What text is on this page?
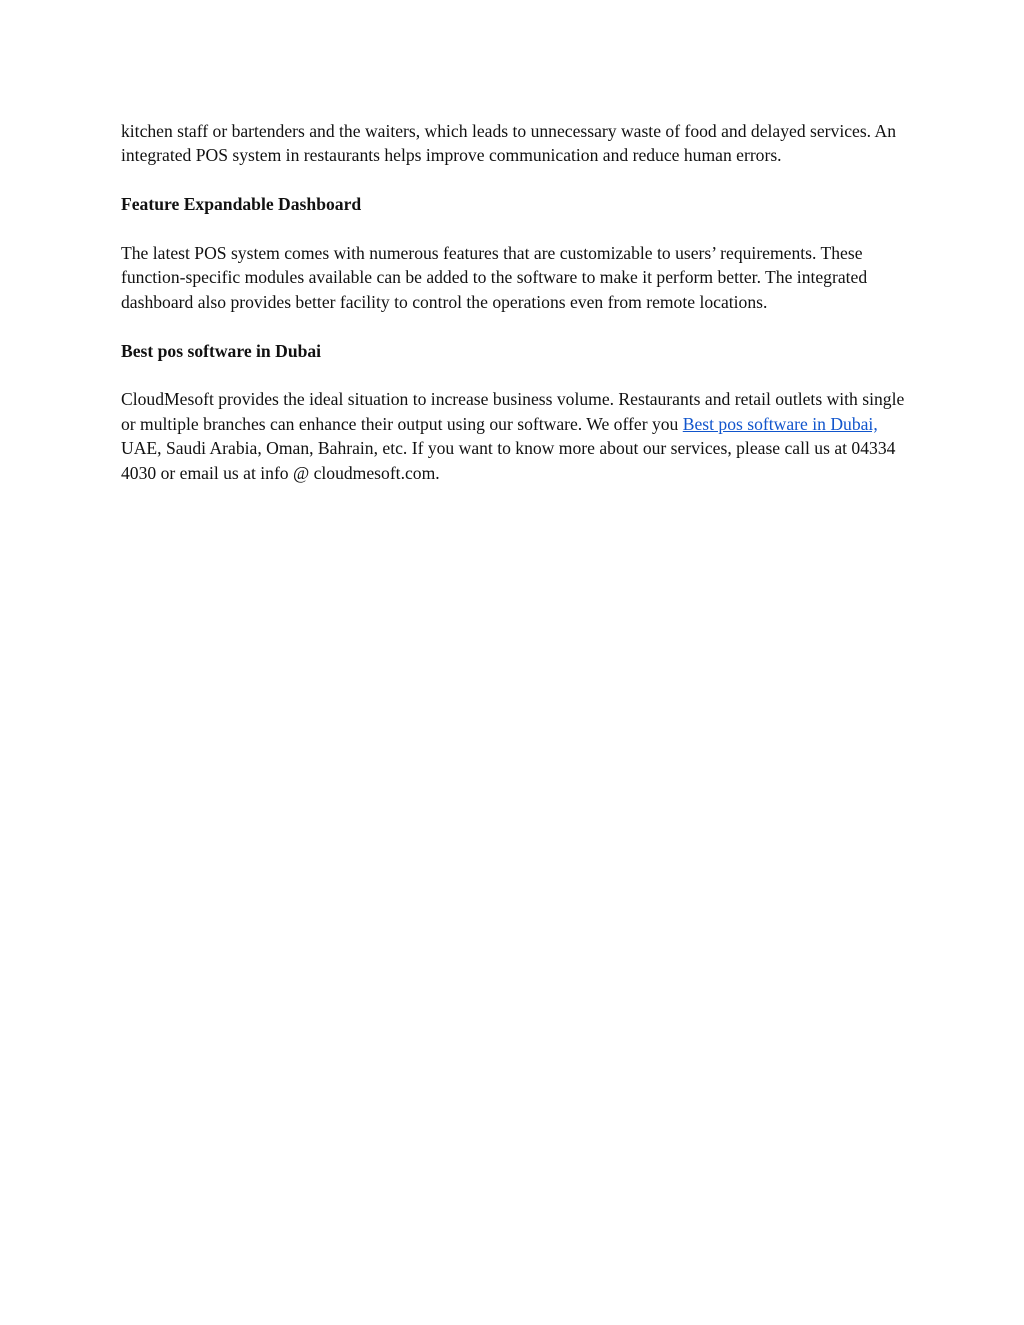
kitchen staff or bartenders and the waiters, which leads to unnecessary waste of food and delayed services. An integrated POS system in restaurants helps improve communication and reduce human errors.

Feature Expandable Dashboard

The latest POS system comes with numerous features that are customizable to users’ requirements. These function-specific modules available can be added to the software to make it perform better. The integrated dashboard also provides better facility to control the operations even from remote locations.

Best pos software in Dubai

CloudMesoft provides the ideal situation to increase business volume. Restaurants and retail outlets with single or multiple branches can enhance their output using our software. We offer you Best pos software in Dubai, UAE, Saudi Arabia, Oman, Bahrain, etc. If you want to know more about our services, please call us at 04334 4030 or email us at info @ cloudmesoft.com.
